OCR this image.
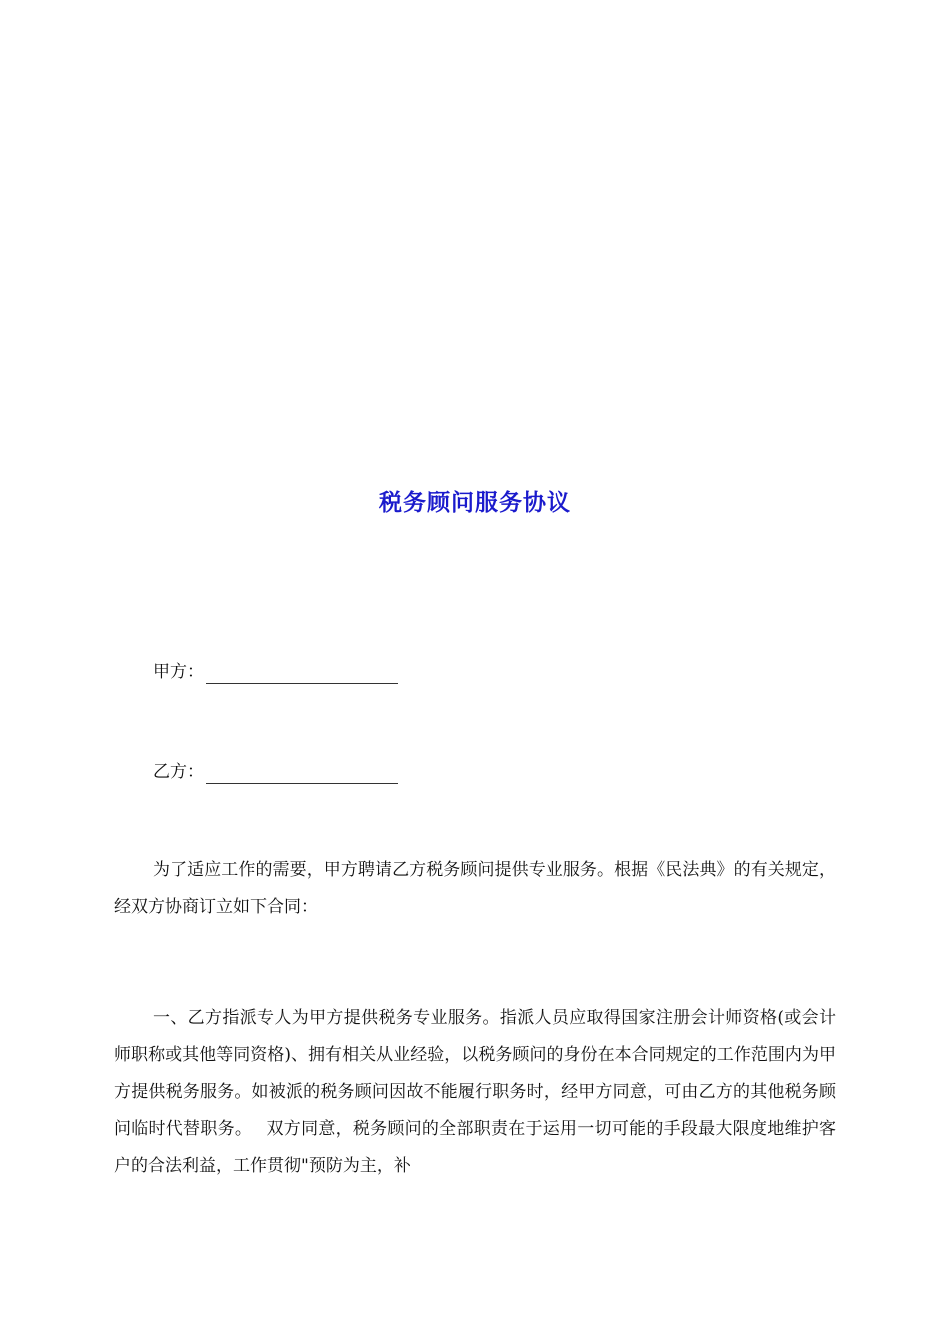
税务顾问服务协议
甲方：
乙方：

为了适应工作的需要，甲方聘请乙方税务顾问提供专业服务。根据《民法典》的有关规定，经双方协商订立如下合同：

一、乙方指派专人为甲方提供税务专业服务。指派人员应取得国家注册会计师资格(或会计师职称或其他等同资格)、拥有相关从业经验，以税务顾问的身份在本合同规定的工作范围内为甲方提供税务服务。如被派的税务顾问因故不能履行职务时，经甲方同意，可由乙方的其他税务顾问临时代替职务。　 双方同意，税务顾问的全部职责在于运用一切可能的手段最大限度地维护客户的合法利益，工作贯彻"预防为主，补
